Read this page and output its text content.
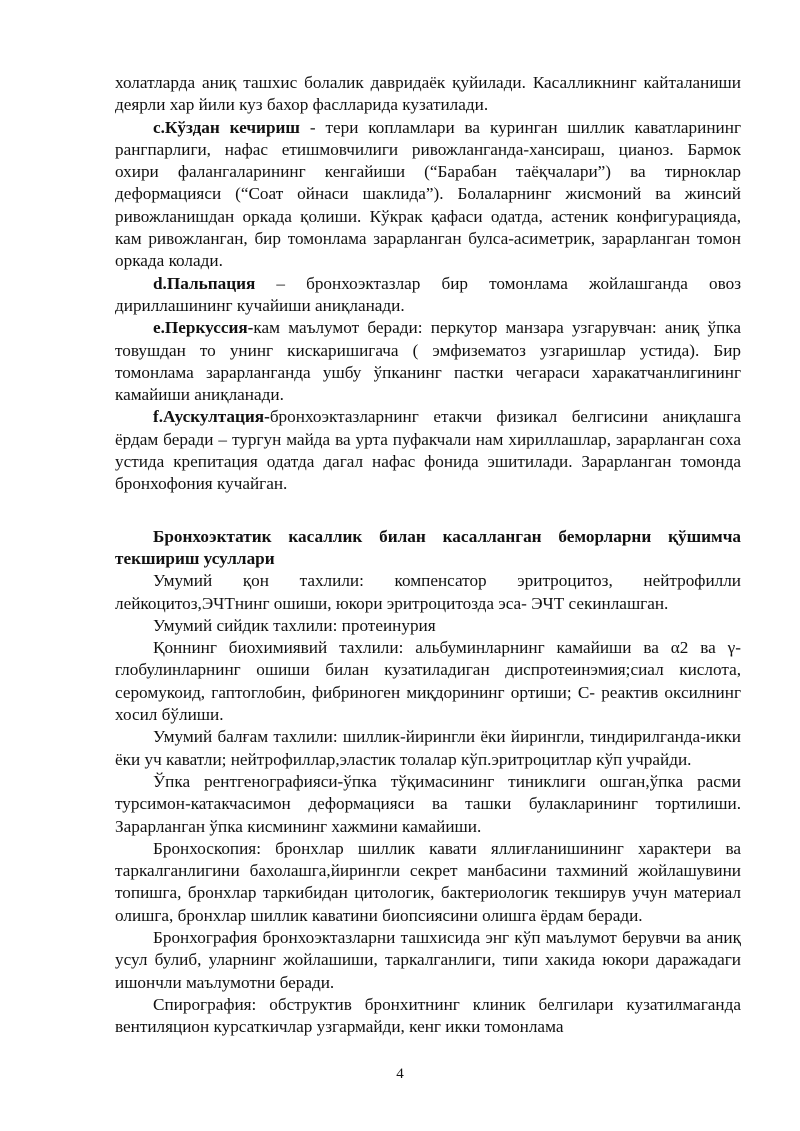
холатларда аниқ ташхис болалик давридаёк қуйилади. Касалликнинг кайталаниши деярли хар йили куз бахор фаслларида кузатилади.

c.Кўздан кечириш - тери копламлари ва куринган шиллик каватларининг рангпарлиги, нафас етишмовчилиги ривожланганда-хансираш, цианоз. Бармок охири фалангаларининг кенгайиши (“Барабан таёқчалари”) ва тирноклар деформацияси (“Соат ойнаси шаклида”). Болаларнинг жисмоний ва жинсий ривожланишдан оркада қолиши. Кўкрак қафаси одатда, астеник конфигурацияда, кам ривожланган, бир томонлама зарарланган булса-асиметрик, зарарланган томон оркада колади.

d.Пальпация – бронхоэктазлар бир томонлама жойлашганда овоз дириллашининг кучайиши аниқланади.

e.Перкуссия-кам маълумот беради: перкутор манзара узгарувчан: аниқ ўпка товушдан то унинг кискаришигача ( эмфизематоз узгаришлар устида). Бир томонлама зарарланганда ушбу ўпканинг пастки чегараси харакатчанлигининг камайиши аниқланади.

f.Аускултация-бронхоэктазларнинг етакчи физикал белгисини аниқлашга ёрдам беради – тургун майда ва урта пуфакчали нам хириллашлар, зарарланган соха устида крепитация одатда дагал нафас фонида эшитилади. Зарарланган томонда бронхофония кучайган.

Бронхоэктатик касаллик билан касалланган беморларни қўшимча текшириш усуллари

Умумий қон тахлили: компенсатор эритроцитоз, нейтрофилли лейкоцитоз,ЭЧТнинг ошиши, юкори эритроцитозда эса- ЭЧТ секинлашган.

Умумий сийдик тахлили: протеинурия

Қоннинг биохимиявий тахлили: альбуминларнинг камайиши ва α2 ва γ-глобулинларнинг ошиши билан кузатиладиган диспротеинэмия;сиал кислота, серомукоид, гаптоглобин, фибриноген миқдорининг ортиши; С- реактив оксилнинг хосил бўлиши.

Умумий балғам тахлили: шиллик-йирингли ёки йирингли, тиндирилганда-икки ёки уч каватли; нейтрофиллар,эластик толалар кўп.эритроцитлар кўп учрайди.

Ўпка рентгенографияси-ўпка тўқимасининг тиниклиги ошган,ўпка расми турсимон-катакчасимон деформацияси ва ташки булакларининг тортилиши. Зарарланган ўпка кисмининг хажмини камайиши.

Бронхоскопия: бронхлар шиллик кавати яллиғланишининг характери ва таркалганлигини бахолашга,йирингли секрет манбасини тахминий жойлашувини топишга, бронхлар таркибидан цитологик, бактериологик текширув учун материал олишга, бронхлар шиллик каватини биопсиясини олишга ёрдам беради.

Бронхография бронхоэктазларни ташхисида энг кўп маълумот берувчи ва аниқ усул булиб, уларнинг жойлашиши, таркалганлиги, типи хакида юкори даражадаги ишончли маълумотни беради.

Спирография: обструктив бронхитнинг клиник белгилари кузатилмаганда вентиляцион курсаткичлар узгармайди, кенг икки томонлама

4
